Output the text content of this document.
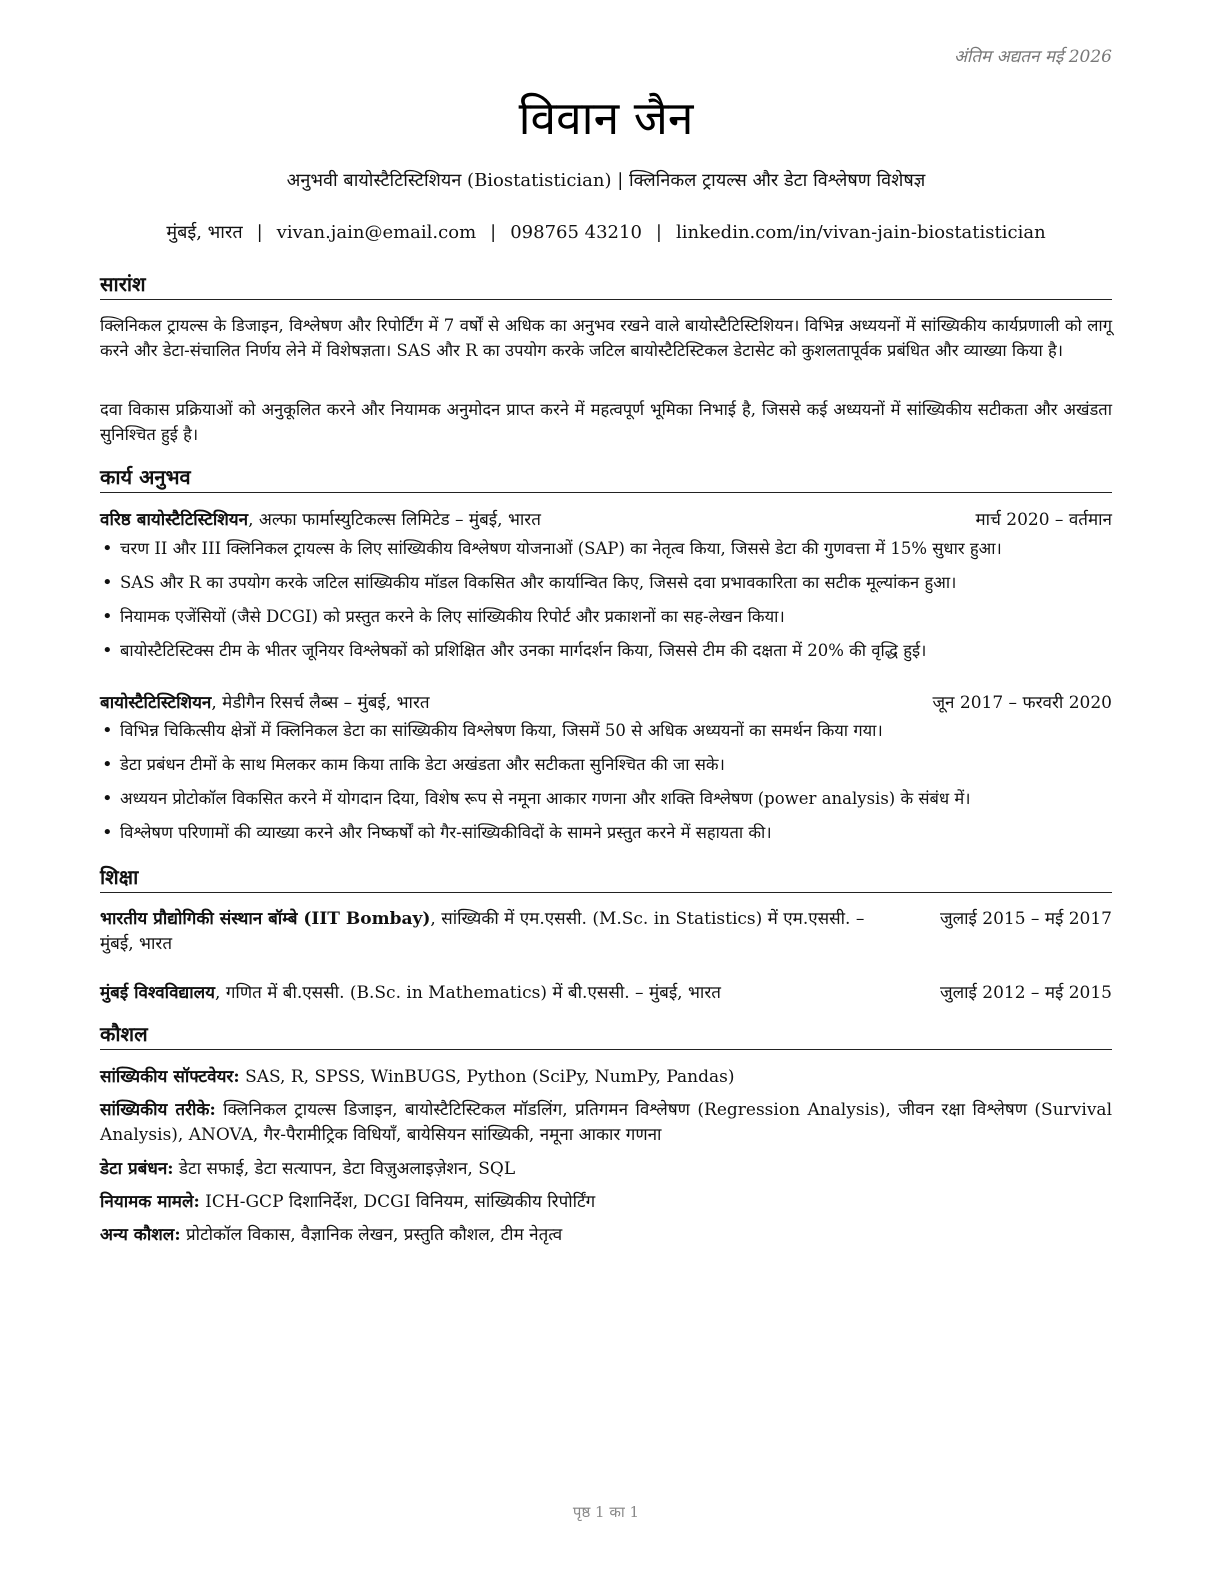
अंतिम अद्यतन मई 2026
विवान जैन
अनुभवी बायोस्टैटिस्टिशियन (Biostatistician) | क्लिनिकल ट्रायल्स और डेटा विश्लेषण विशेषज्ञ
मुंबई, भारत | vivan.jain@email.com | 098765 43210 | linkedin.com/in/vivan-jain-biostatistician
सारांश
क्लिनिकल ट्रायल्स के डिजाइन, विश्लेषण और रिपोर्टिंग में 7 वर्षों से अधिक का अनुभव रखने वाले बायोस्टैटिस्टिशियन। विभिन्न अध्ययनों में सांख्यिकीय कार्यप्रणाली को लागू करने और डेटा-संचालित निर्णय लेने में विशेषज्ञता। SAS और R का उपयोग करके जटिल बायोस्टैटिस्टिकल डेटासेट को कुशलतापूर्वक प्रबंधित और व्याख्या किया है।
दवा विकास प्रक्रियाओं को अनुकूलित करने और नियामक अनुमोदन प्राप्त करने में महत्वपूर्ण भूमिका निभाई है, जिससे कई अध्ययनों में सांख्यिकीय सटीकता और अखंडता सुनिश्चित हुई है।
कार्य अनुभव
वरिष्ठ बायोस्टैटिस्टिशियन, अल्फा फार्मास्युटिकल्स लिमिटेड – मुंबई, भारत	मार्च 2020 – वर्तमान
• चरण II और III क्लिनिकल ट्रायल्स के लिए सांख्यिकीय विश्लेषण योजनाओं (SAP) का नेतृत्व किया, जिससे डेटा की गुणवत्ता में 15% सुधार हुआ।
• SAS और R का उपयोग करके जटिल सांख्यिकीय मॉडल विकसित और कार्यान्वित किए, जिससे दवा प्रभावकारिता का सटीक मूल्यांकन हुआ।
• नियामक एजेंसियों (जैसे DCGI) को प्रस्तुत करने के लिए सांख्यिकीय रिपोर्ट और प्रकाशनों का सह-लेखन किया।
• बायोस्टैटिस्टिक्स टीम के भीतर जूनियर विश्लेषकों को प्रशिक्षित और उनका मार्गदर्शन किया, जिससे टीम की दक्षता में 20% की वृद्धि हुई।
बायोस्टैटिस्टिशियन, मेडीगैन रिसर्च लैब्स – मुंबई, भारत	जून 2017 – फरवरी 2020
• विभिन्न चिकित्सीय क्षेत्रों में क्लिनिकल डेटा का सांख्यिकीय विश्लेषण किया, जिसमें 50 से अधिक अध्ययनों का समर्थन किया गया।
• डेटा प्रबंधन टीमों के साथ मिलकर काम किया ताकि डेटा अखंडता और सटीकता सुनिश्चित की जा सके।
• अध्ययन प्रोटोकॉल विकसित करने में योगदान दिया, विशेष रूप से नमूना आकार गणना और शक्ति विश्लेषण (power analysis) के संबंध में।
• विश्लेषण परिणामों की व्याख्या करने और निष्कर्षों को गैर-सांख्यिकीविदों के सामने प्रस्तुत करने में सहायता की।
शिक्षा
भारतीय प्रौद्योगिकी संस्थान बॉम्बे (IIT Bombay), सांख्यिकी में एम.एससी. (M.Sc. in Statistics) में एम.एससी. – मुंबई, भारत
जुलाई 2015 – मई 2017
मुंबई विश्वविद्यालय, गणित में बी.एससी. (B.Sc. in Mathematics) में बी.एससी. – मुंबई, भारत	जुलाई 2012 – मई 2015
कौशल
सांख्यिकीय सॉफ्टवेयर: SAS, R, SPSS, WinBUGS, Python (SciPy, NumPy, Pandas)
सांख्यिकीय तरीके: क्लिनिकल ट्रायल्स डिजाइन, बायोस्टैटिस्टिकल मॉडलिंग, प्रतिगमन विश्लेषण (Regression Analysis), जीवन रक्षा विश्लेषण (Survival Analysis), ANOVA, गैर-पैरामीट्रिक विधियाँ, बायेसियन सांख्यिकी, नमूना आकार गणना
डेटा प्रबंधन: डेटा सफाई, डेटा सत्यापन, डेटा विज़ुअलाइज़ेशन, SQL
नियामक मामले: ICH-GCP दिशानिर्देश, DCGI विनियम, सांख्यिकीय रिपोर्टिंग
अन्य कौशल: प्रोटोकॉल विकास, वैज्ञानिक लेखन, प्रस्तुति कौशल, टीम नेतृत्व
पृष्ठ 1 का 1
